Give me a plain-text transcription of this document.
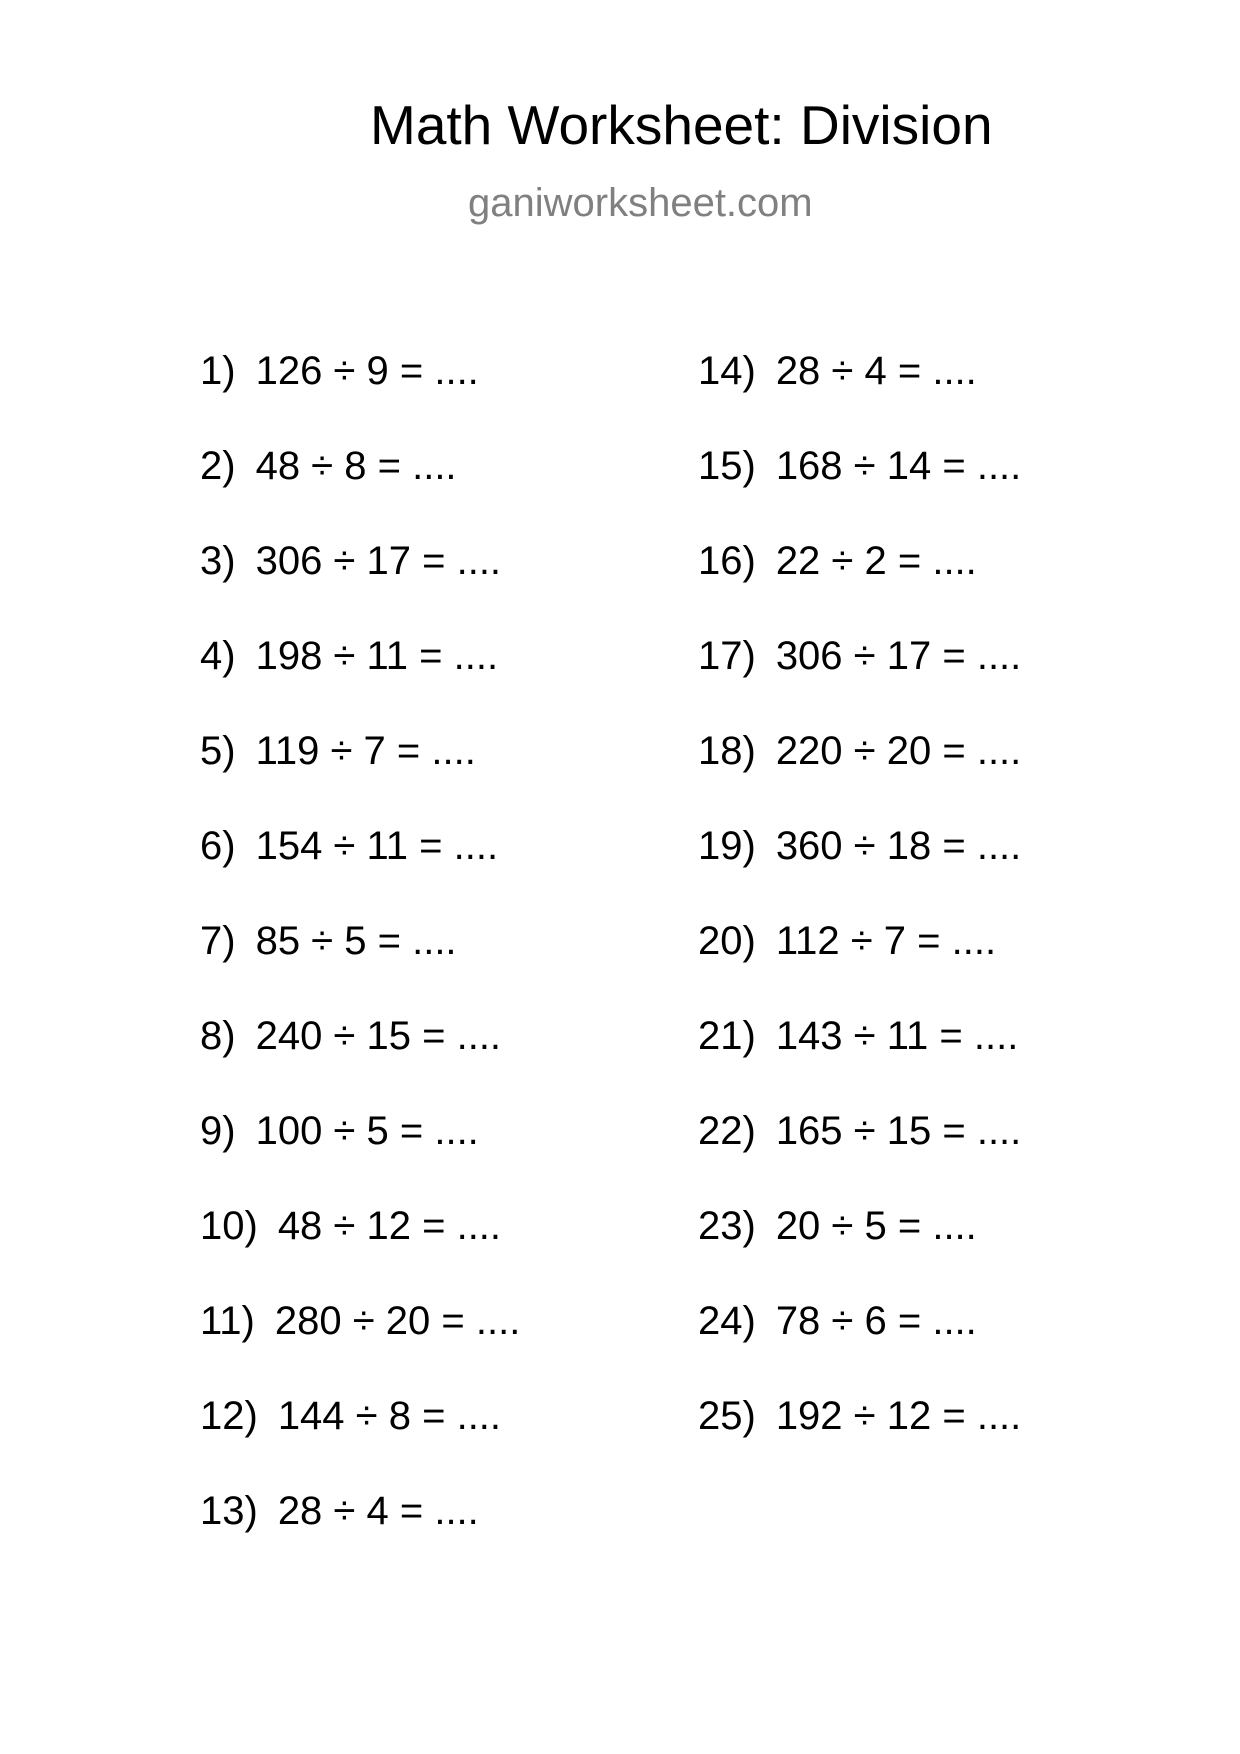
Math Worksheet: Division
ganiworksheet.com
1) 126 ÷ 9 = ....
2) 48 ÷ 8 = ....
3) 306 ÷ 17 = ....
4) 198 ÷ 11 = ....
5) 119 ÷ 7 = ....
6) 154 ÷ 11 = ....
7) 85 ÷ 5 = ....
8) 240 ÷ 15 = ....
9) 100 ÷ 5 = ....
10) 48 ÷ 12 = ....
11) 280 ÷ 20 = ....
12) 144 ÷ 8 = ....
13) 28 ÷ 4 = ....
14) 28 ÷ 4 = ....
15) 168 ÷ 14 = ....
16) 22 ÷ 2 = ....
17) 306 ÷ 17 = ....
18) 220 ÷ 20 = ....
19) 360 ÷ 18 = ....
20) 112 ÷ 7 = ....
21) 143 ÷ 11 = ....
22) 165 ÷ 15 = ....
23) 20 ÷ 5 = ....
24) 78 ÷ 6 = ....
25) 192 ÷ 12 = ....
